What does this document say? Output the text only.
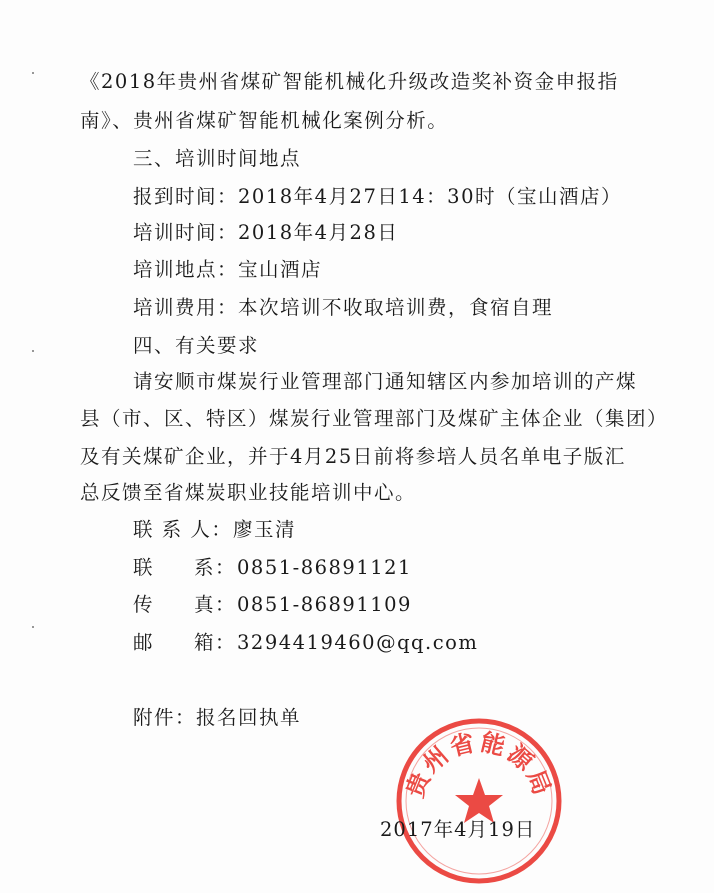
《2018年贵州省煤矿智能机械化升级改造奖补资金申报指
南》、贵州省煤矿智能机械化案例分析。
三、培训时间地点
报到时间：2018年4月27日14：30时（宝山酒店）
培训时间：2018年4月28日
培训地点：宝山酒店
培训费用：本次培训不收取培训费，食宿自理
四、有关要求
请安顺市煤炭行业管理部门通知辖区内参加培训的产煤
县（市、区、特区）煤炭行业管理部门及煤矿主体企业（集团）
及有关煤矿企业，并于4月25日前将参培人员名单电子版汇
总反馈至省煤炭职业技能培训中心。
联 系 人： 廖玉清
联 系： 0851-86891121
传 真： 0851-86891109
邮 箱： 3294419460@qq.com
附件：报名回执单
贵州省能源局
2017年4月19日
